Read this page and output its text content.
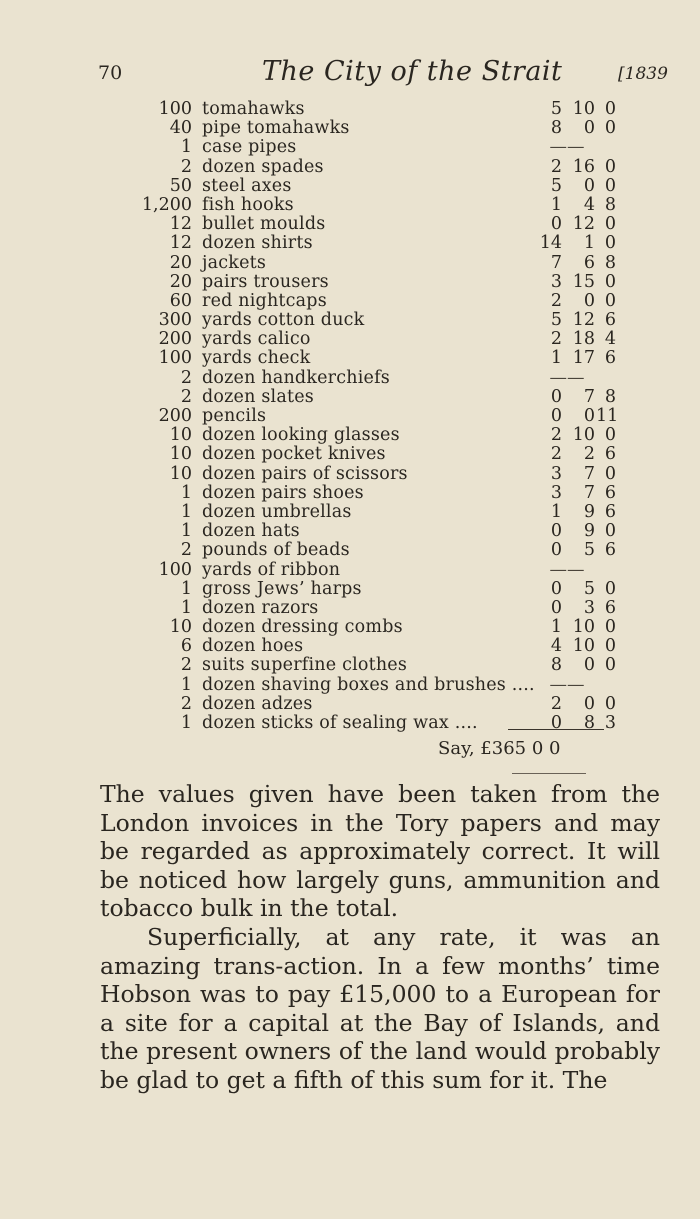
70	The City of the Strait	[1839
100 tomahawks	5 10 0
40 pipe tomahawks	8	0 0
1 case pipes	——
2 dozen spades	2 16 0
50 steel axes	5	0 0
1,200 fish hooks	1	4 8
12 bullet moulds	0 12 0
12 dozen shirts	14	1 0
20 jackets	7	6 8
20 pairs trousers	3 15 0
60 red nightcaps	2	0 0
300 yards cotton duck	5 12 6
200 yards calico	2 18 4
100 yards check	1 17 6
2 dozen handkerchiefs	——
2 dozen slates	0	7 8
200 pencils	0	0 11
10 dozen looking glasses	2 10 0
10 dozen pocket knives	2	2 6
10 dozen pairs of scissors	3	7 0
1 dozen pairs shoes	3	7 6
1 dozen umbrellas	1	9 6
1 dozen hats	0	9 0
2 pounds of beads	0	5 6
100 yards of ribbon	——
1 gross Jews’ harps	0	5 0
1 dozen razors	0	3 6
10 dozen dressing combs	1 10 0
6 dozen hoes	4 10 0
2 suits superfine clothes	8	0 0
1 dozen shaving boxes and brushes .... ——
2 dozen adzes	2	0 0
1 dozen sticks of sealing wax ....	0	8 3
Say, £365 0 0

The values given have been taken from the London invoices in the Tory papers and may be regarded as approximately correct. It will be noticed how largely guns, ammunition and tobacco bulk in the total.

Superficially, at any rate, it was an amazing trans-action. In a few months’ time Hobson was to pay £15,000 to a European for a site for a capital at the Bay of Islands, and the present owners of the land would probably be glad to get a fifth of this sum for it. The
